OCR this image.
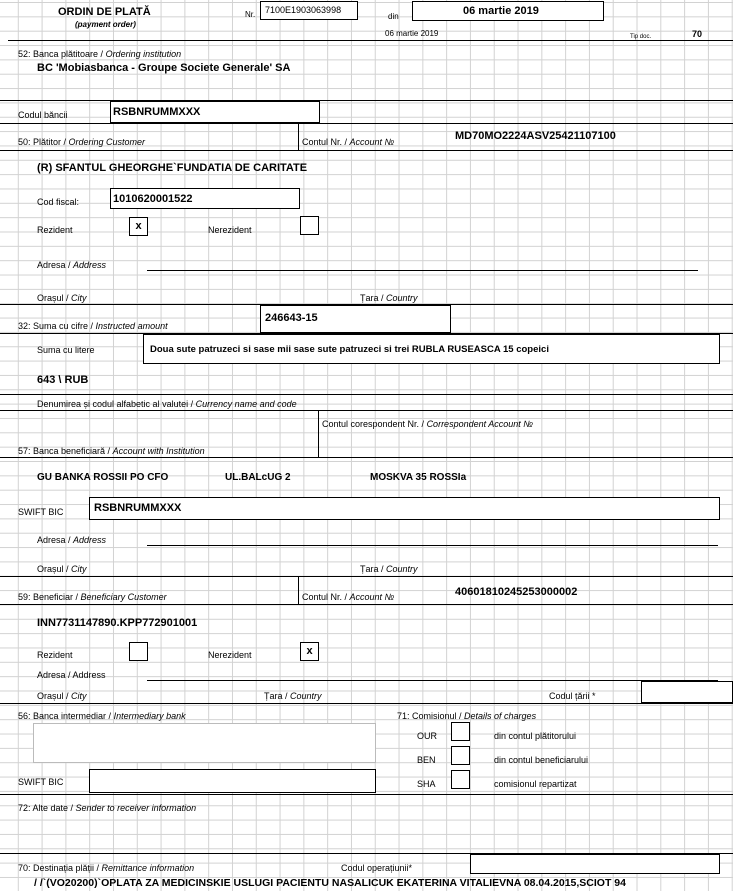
ORDIN DE PLATĂ
(payment order)
Nr. 7100E1903063998
din	06 martie 2019
06 martie 2019	Tip doc.	70
52: Banca plătitoare / Ordering institution
BC 'Mobiasbanca - Groupe Societe Generale' SA
Codul băncii	RSBNRUMMXXX
50: Plătitor / Ordering Customer	Contul Nr. / Account №	MD70MO2224ASV25421107100
(R) SFANTUL GHEORGHE`FUNDATIA DE CARITATE
Cod fiscal:	1010620001522
Rezident	x	Nerezident
Adresa / Address
Orașul / City	Țara / Country
32: Suma cu cifre / Instructed amount
246643-15
Suma cu litere	Doua sute patruzeci si sase mii sase sute patruzeci si trei RUBLA RUSEASCA 15 copeici
643 \ RUB
Denumirea și codul alfabetic al valutei / Currency name and code
Contul corespondent Nr. / Correspondent Account №
57: Banca beneficiară / Account with Institution
GU BANKA ROSSII PO CFO	UL.BALcUG 2	MOSKVA 35 ROSSIa
SWIFT BIC	RSBNRUMMXXX
Adresa / Address
Orașul / City	Țara / Country
59: Beneficiar / Beneficiary Customer	Contul Nr. / Account №	40601810245253000002
INN7731147890.KPP772901001
Rezident	Nerezident	x
Adresa / Address
Orașul / City	Țara / Country	Codul țării *
56: Banca intermediar / Intermediary bank
SWIFT BIC
71: Comisionul / Details of charges
OUR	din contul plătitorului
BEN	din contul beneficiarului
SHA	comisionul repartizat
72: Alte date / Sender to receiver information
70: Destinația plății / Remittance information	Codul operațiunii*
/ /`(VO20200)`OPLATA ZA MEDICINSKIE USLUGI PACIENTU NASALICUK EKATERINA VITALIEVNA 08.04.2015,SCIOT 94
